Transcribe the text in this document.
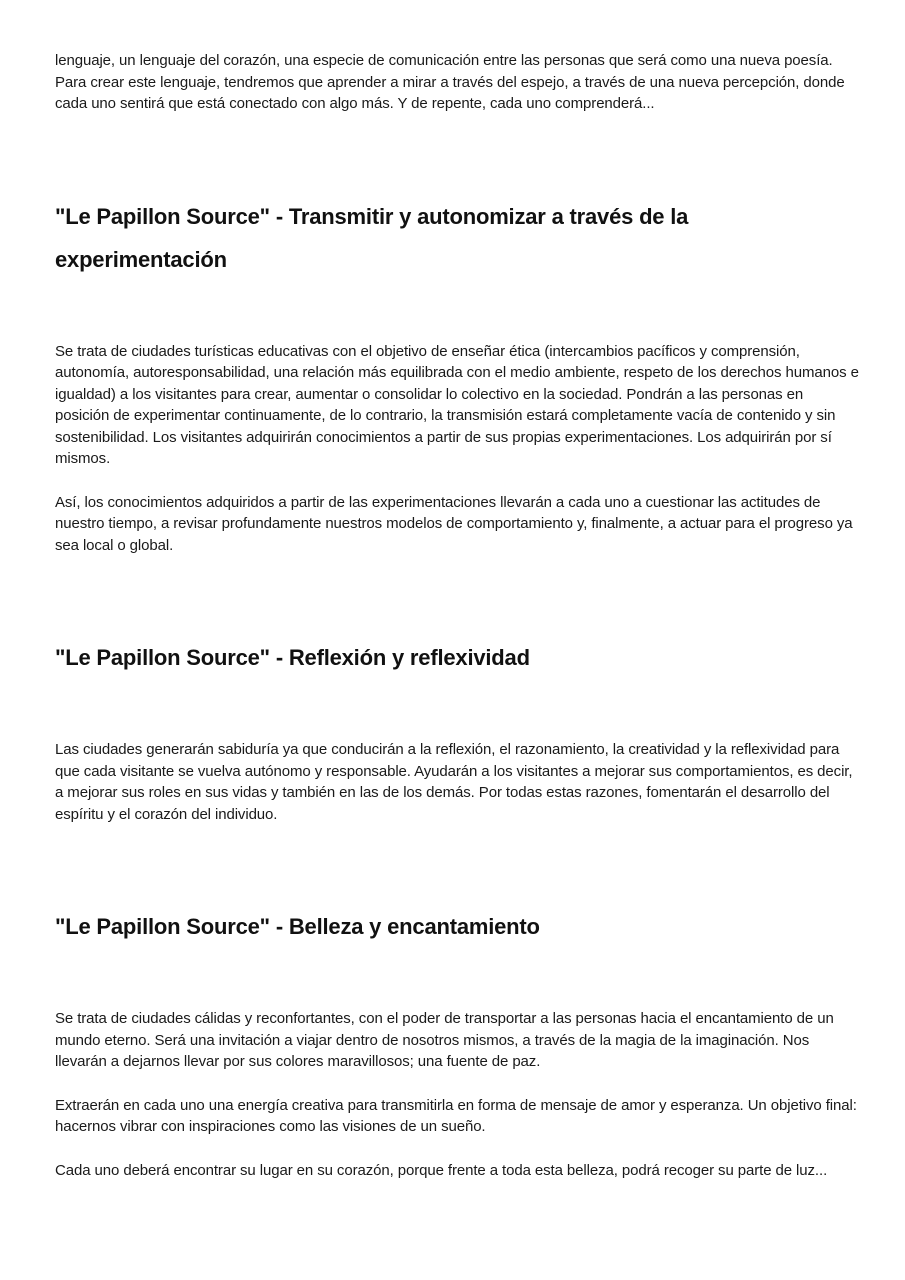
lenguaje, un lenguaje del corazón, una especie de comunicación entre las personas que será como una nueva poesía. Para crear este lenguaje, tendremos que aprender a mirar a través del espejo, a través de una nueva percepción, donde cada uno sentirá que está conectado con algo más. Y de repente, cada uno comprenderá...

"Le Papillon Source" - Transmitir y autonomizar a través de la experimentación

Se trata de ciudades turísticas educativas con el objetivo de enseñar ética (intercambios pacíficos y comprensión, autonomía, autoresponsabilidad, una relación más equilibrada con el medio ambiente, respeto de los derechos humanos e igualdad) a los visitantes para crear, aumentar o consolidar lo colectivo en la sociedad. Pondrán a las personas en posición de experimentar continuamente, de lo contrario, la transmisión estará completamente vacía de contenido y sin sostenibilidad. Los visitantes adquirirán conocimientos a partir de sus propias experimentaciones. Los adquirirán por sí mismos.

Así, los conocimientos adquiridos a partir de las experimentaciones llevarán a cada uno a cuestionar las actitudes de nuestro tiempo, a revisar profundamente nuestros modelos de comportamiento y, finalmente, a actuar para el progreso ya sea local o global.

"Le Papillon Source" - Reflexión y reflexividad

Las ciudades generarán sabiduría ya que conducirán a la reflexión, el razonamiento, la creatividad y la reflexividad para que cada visitante se vuelva autónomo y responsable. Ayudarán a los visitantes a mejorar sus comportamientos, es decir, a mejorar sus roles en sus vidas y también en las de los demás. Por todas estas razones, fomentarán el desarrollo del espíritu y el corazón del individuo.

"Le Papillon Source" - Belleza y encantamiento

Se trata de ciudades cálidas y reconfortantes, con el poder de transportar a las personas hacia el encantamiento de un mundo eterno. Será una invitación a viajar dentro de nosotros mismos, a través de la magia de la imaginación. Nos llevarán a dejarnos llevar por sus colores maravillosos; una fuente de paz.

Extraerán en cada uno una energía creativa para transmitirla en forma de mensaje de amor y esperanza. Un objetivo final: hacernos vibrar con inspiraciones como las visiones de un sueño.

Cada uno deberá encontrar su lugar en su corazón, porque frente a toda esta belleza, podrá recoger su parte de luz...
